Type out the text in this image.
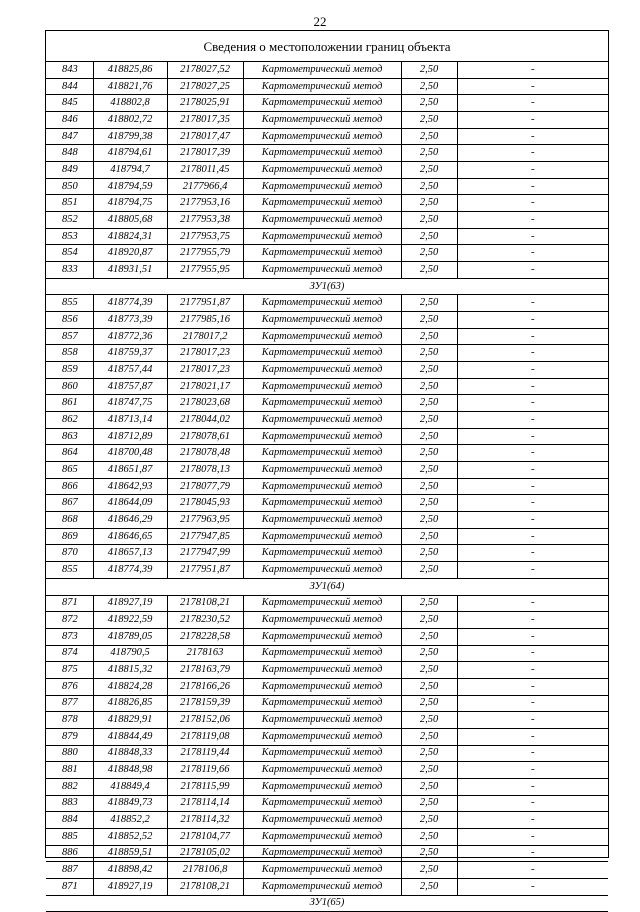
22
Сведения о местоположении границ объекта
843	418825,86	2178027,52	Картометрический метод	2,50	-
844	418821,76	2178027,25	Картометрический метод	2,50	-
845	418802,8	2178025,91	Картометрический метод	2,50	-
846	418802,72	2178017,35	Картометрический метод	2,50	-
847	418799,38	2178017,47	Картометрический метод	2,50	-
848	418794,61	2178017,39	Картометрический метод	2,50	-
849	418794,7	2178011,45	Картометрический метод	2,50	-
850	418794,59	2177966,4	Картометрический метод	2,50	-
851	418794,75	2177953,16	Картометрический метод	2,50	-
852	418805,68	2177953,38	Картометрический метод	2,50	-
853	418824,31	2177953,75	Картометрический метод	2,50	-
854	418920,87	2177955,79	Картометрический метод	2,50	-
833	418931,51	2177955,95	Картометрический метод	2,50	-
ЗУ1(63)					
855	418774,39	2177951,87	Картометрический метод	2,50	-
856	418773,39	2177985,16	Картометрический метод	2,50	-
857	418772,36	2178017,2	Картометрический метод	2,50	-
858	418759,37	2178017,23	Картометрический метод	2,50	-
859	418757,44	2178017,23	Картометрический метод	2,50	-
860	418757,87	2178021,17	Картометрический метод	2,50	-
861	418747,75	2178023,68	Картометрический метод	2,50	-
862	418713,14	2178044,02	Картометрический метод	2,50	-
863	418712,89	2178078,61	Картометрический метод	2,50	-
864	418700,48	2178078,48	Картометрический метод	2,50	-
865	418651,87	2178078,13	Картометрический метод	2,50	-
866	418642,93	2178077,79	Картометрический метод	2,50	-
867	418644,09	2178045,93	Картометрический метод	2,50	-
868	418646,29	2177963,95	Картометрический метод	2,50	-
869	418646,65	2177947,85	Картометрический метод	2,50	-
870	418657,13	2177947,99	Картометрический метод	2,50	-
855	418774,39	2177951,87	Картометрический метод	2,50	-
ЗУ1(64)					
871	418927,19	2178108,21	Картометрический метод	2,50	-
872	418922,59	2178230,52	Картометрический метод	2,50	-
873	418789,05	2178228,58	Картометрический метод	2,50	-
874	418790,5	2178163	Картометрический метод	2,50	-
875	418815,32	2178163,79	Картометрический метод	2,50	-
876	418824,28	2178166,26	Картометрический метод	2,50	-
877	418826,85	2178159,39	Картометрический метод	2,50	-
878	418829,91	2178152,06	Картометрический метод	2,50	-
879	418844,49	2178119,08	Картометрический метод	2,50	-
880	418848,33	2178119,44	Картометрический метод	2,50	-
881	418848,98	2178119,66	Картометрический метод	2,50	-
882	418849,4	2178115,99	Картометрический метод	2,50	-
883	418849,73	2178114,14	Картометрический метод	2,50	-
884	418852,2	2178114,32	Картометрический метод	2,50	-
885	418852,52	2178104,77	Картометрический метод	2,50	-
886	418859,51	2178105,02	Картометрический метод	2,50	-
887	418898,42	2178106,8	Картометрический метод	2,50	-
871	418927,19	2178108,21	Картометрический метод	2,50	-
ЗУ1(65)					
